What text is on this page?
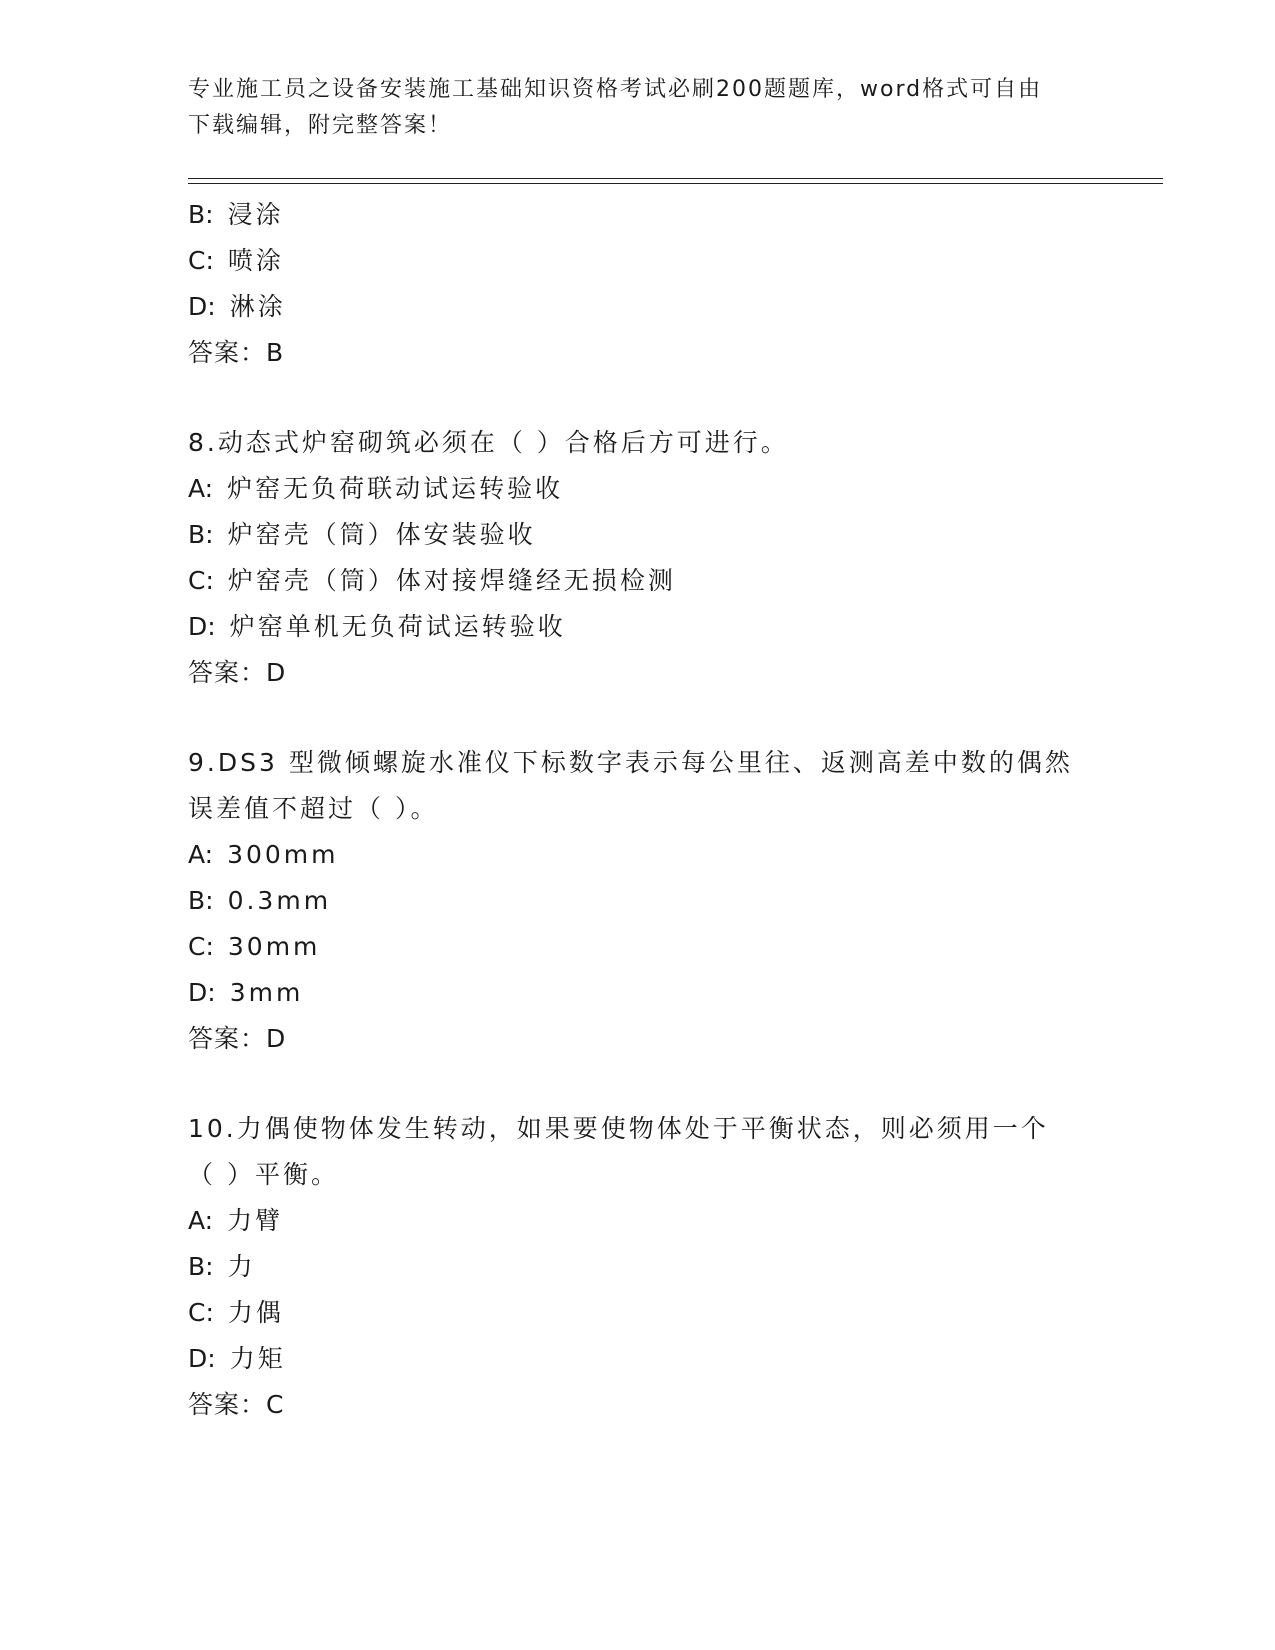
专业施工员之设备安装施工基础知识资格考试必刷200题题库，word格式可自由
下载编辑，附完整答案！
B: 浸涂
C: 喷涂
D: 淋涂
答案：B
8.动态式炉窑砌筑必须在（ ）合格后方可进行。
A: 炉窑无负荷联动试运转验收
B: 炉窑壳（筒）体安装验收
C: 炉窑壳（筒）体对接焊缝经无损检测
D: 炉窑单机无负荷试运转验收
答案：D
9.DS3 型微倾螺旋水准仪下标数字表示每公里往、返测高差中数的偶然
误差值不超过（ ）。
A: 300mm
B: 0.3mm
C: 30mm
D: 3mm
答案：D
10.力偶使物体发生转动，如果要使物体处于平衡状态，则必须用一个
（ ）平衡。
A: 力臂
B: 力
C: 力偶
D: 力矩
答案：C
